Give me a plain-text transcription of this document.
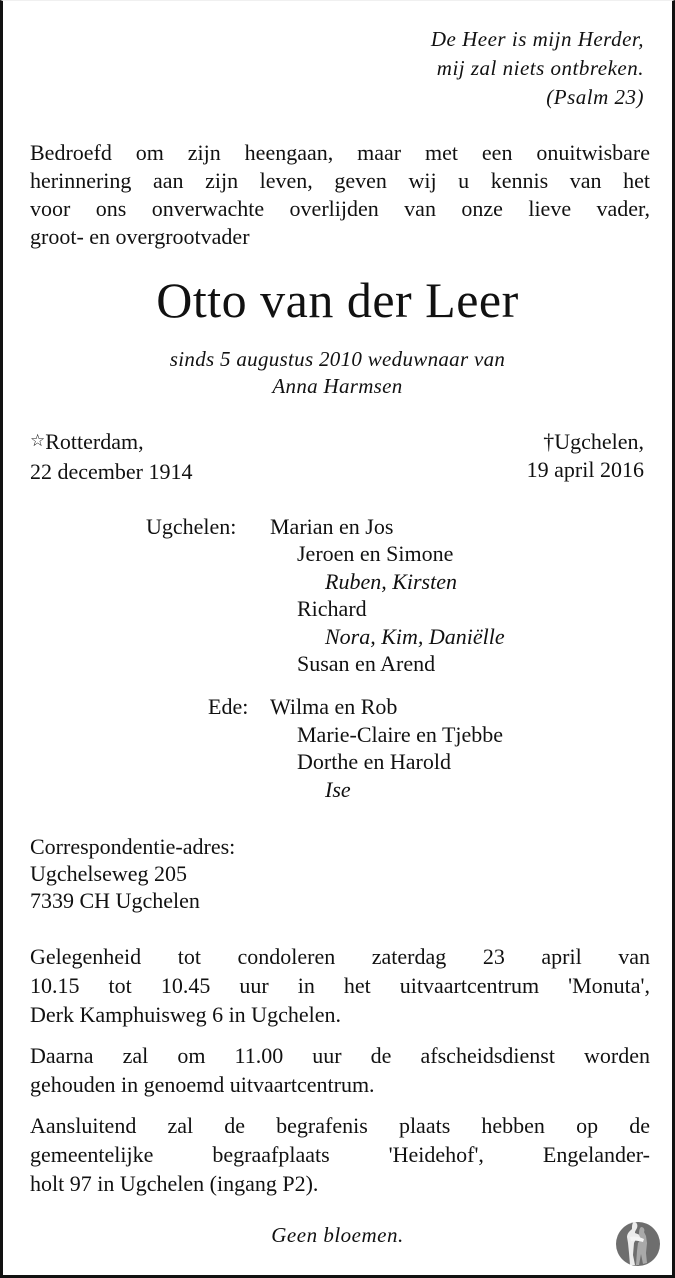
De Heer is mijn Herder,
mij zal niets ontbreken.
(Psalm 23)
Bedroefd om zijn heengaan, maar met een onuitwisbare
herinnering aan zijn leven, geven wij u kennis van het
voor ons onverwachte overlijden van onze lieve vader,
groot- en overgrootvader
Otto van der Leer
sinds 5 augustus 2010 weduwnaar van
Anna Harmsen
☆Rotterdam,
22 december 1914
†Ugchelen,
19 april 2016
Ugchelen: Marian en Jos
Jeroen en Simone
Ruben, Kirsten
Richard
Nora, Kim, Daniëlle
Susan en Arend
Ede: Wilma en Rob
Marie-Claire en Tjebbe
Dorthe en Harold
Ise
Correspondentie-adres:
Ugchelseweg 205
7339 CH Ugchelen
Gelegenheid tot condoleren zaterdag 23 april van
10.15 tot 10.45 uur in het uitvaartcentrum 'Monuta',
Derk Kamphuisweg 6 in Ugchelen.
Daarna zal om 11.00 uur de afscheidsdienst worden
gehouden in genoemd uitvaartcentrum.
Aansluitend zal de begrafenis plaats hebben op de
gemeentelijke begraafplaats 'Heidehof', Engelander-
holt 97 in Ugchelen (ingang P2).
Geen bloemen.
